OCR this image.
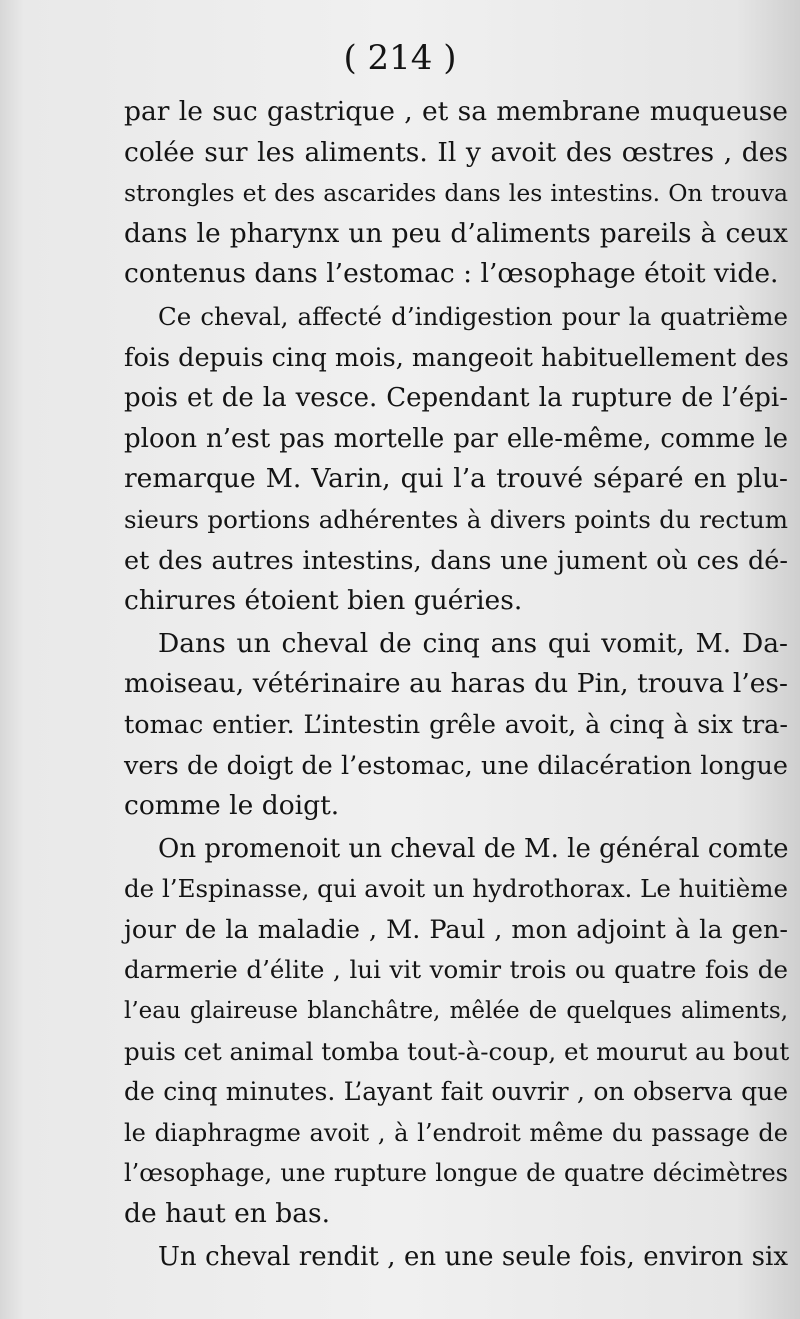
( 214 )
par le suc gastrique , et sa membrane muqueuse
colée sur les aliments. Il y avoit des œstres , des
strongles et des ascarides dans les intestins. On trouva
dans le pharynx un peu d’aliments pareils à ceux
contenus dans l’estomac : l’œsophage étoit vide.
Ce cheval, affecté d’indigestion pour la quatrième
fois depuis cinq mois, mangeoit habituellement des
pois et de la vesce. Cependant la rupture de l’épi-
ploon n’est pas mortelle par elle-même, comme le
remarque M. Varin, qui l’a trouvé séparé en plu-
sieurs portions adhérentes à divers points du rectum
et des autres intestins, dans une jument où ces dé-
chirures étoient bien guéries.
Dans un cheval de cinq ans qui vomit, M. Da-
moiseau, vétérinaire au haras du Pin, trouva l’es-
tomac entier. L’intestin grêle avoit, à cinq à six tra-
vers de doigt de l’estomac, une dilacération longue
comme le doigt.
On promenoit un cheval de M. le général comte
de l’Espinasse, qui avoit un hydrothorax. Le huitième
jour de la maladie , M. Paul , mon adjoint à la gen-
darmerie d’élite , lui vit vomir trois ou quatre fois de
l’eau glaireuse blanchâtre, mêlée de quelques aliments,
puis cet animal tomba tout-à-coup, et mourut au bout
de cinq minutes. L’ayant fait ouvrir , on observa que
le diaphragme avoit , à l’endroit même du passage de
l’œsophage, une rupture longue de quatre décimètres
de haut en bas.
Un cheval rendit , en une seule fois, environ six
